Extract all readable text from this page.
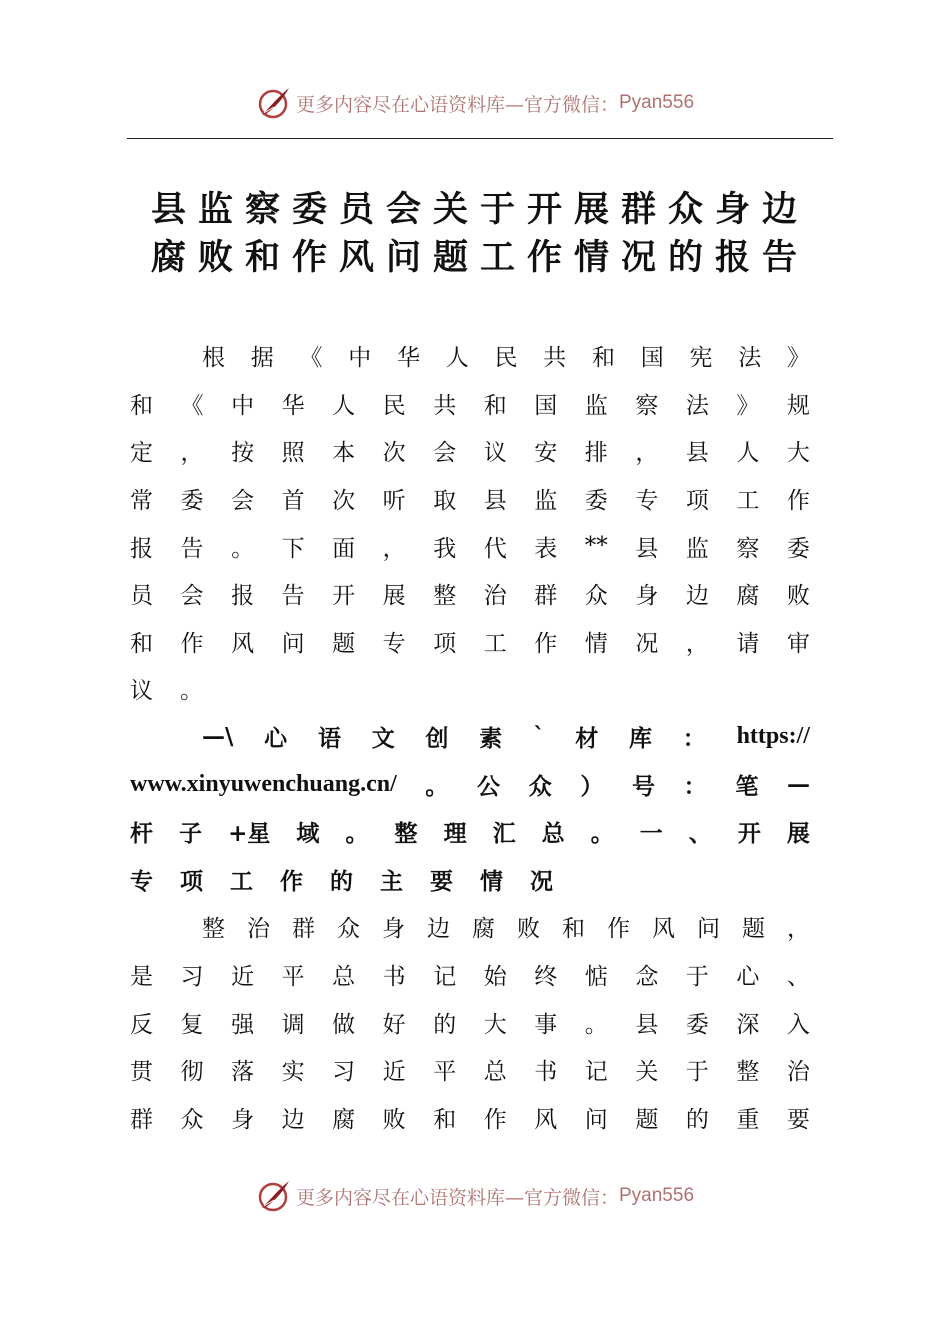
更多内容尽在心语资料库—官方微信： Pyan556
县监察委员会关于开展群众身边
腐败和作风问题工作情况的报告
根 据 《 中 华 人 民 共 和 国 宪 法 》
和 《 中 华 人 民 共 和 国 监 察 法 》 规
定 ， 按 照 本 次 会 议 安 排 ， 县 人 大
常 委 会 首 次 听 取 县 监 委 专 项 工 作
报 告 。 下 面 ， 我 代 表 ** 县 监 察 委
员 会 报 告 开 展 整 治 群 众 身 边 腐 败
和 作 风 问 题 专 项 工 作 情 况 ， 请 审
议 。
—\ 心 语 文 创 素 ` 材 库 ： https://
www.xinyuwenchuang.cn/ 。 公 众 ） 号 ： 笔 —
杆 子 +星 域 。 整 理 汇 总 。 一 、 开 展
专 项 工 作 的 主 要 情 况
整 治 群 众 身 边 腐 败 和 作 风 问 题 ，
是 习 近 平 总 书 记 始 终 惦 念 于 心 、
反 复 强 调 做 好 的 大 事 。 县 委 深 入
贯 彻 落 实 习 近 平 总 书 记 关 于 整 治
群 众 身 边 腐 败 和 作 风 问 题 的 重 要
更多内容尽在心语资料库—官方微信： Pyan556
